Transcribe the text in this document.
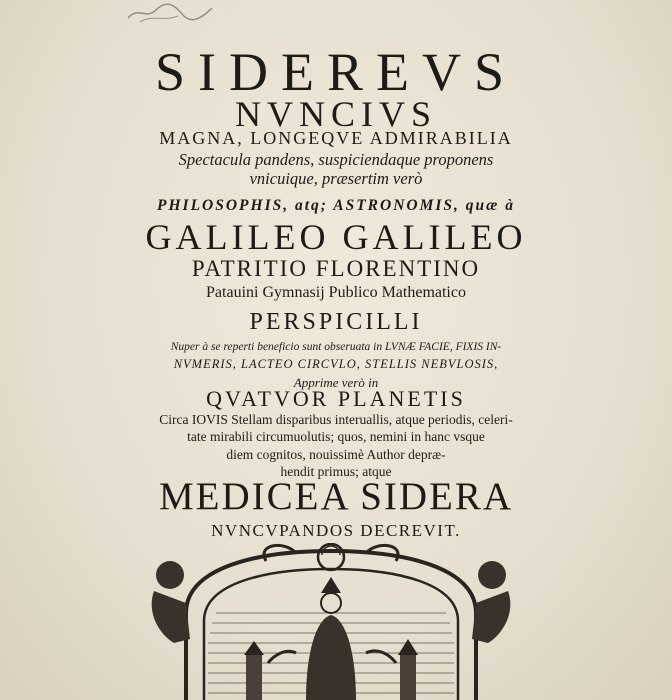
SIDEREVS
NVNCIVS
MAGNA, LONGEQVE ADMIRABILIA
Spectacula pandens, suspiciendaque proponens
vnicuique, præsertim verò
PHILOSOPHIS, atq; ASTRONOMIS, quæ à
GALILEO GALILEO
PATRITIO FLORENTINO
Patauini Gymnasij Publico Mathematico
PERSPICILLI
Nuper à se reperti beneficio sunt obseruata in LVNÆ FACIE, FIXIS IN-
NVMERIS, LACTEO CIRCVLO, STELLIS NEBVLOSIS,
Apprime verò in
QVATVOR PLANETIS
Circa IOVIS Stellam disparibus interuallis, atque periodis, celeri-
tate mirabili circumuolutis; quos, nemini in hanc vsque
diem cognitos, nouissimè Author depræ-
hendit primus; atque
MEDICEA SIDERA
NVNCVPANDOS DECREVIT.
